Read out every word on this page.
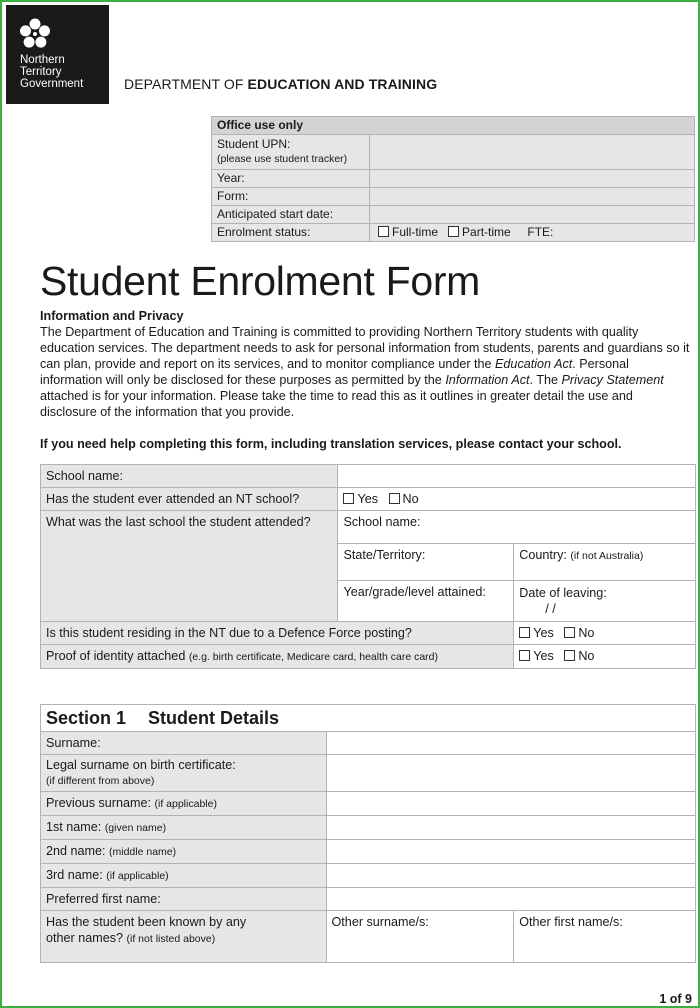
Northern
Territory
Government	DEPARTMENT OF EDUCATION AND TRAINING
Office use only	

Student UPN:
(please use student tracker)	

Year:	
Form:	
Anticipated start date:	
Enrolment status:	Full-time Part-time FTE:
Student Enrolment Form
Information and Privacy
The Department of Education and Training is committed to providing Northern Territory students with quality education services. The department needs to ask for personal information from students, parents and guardians so it can plan, provide and report on its services, and to monitor compliance under the Education Act. Personal information will only be disclosed for these purposes as permitted by the Information Act. The Privacy Statement attached is for your information. Please take the time to read this as it outlines in greater detail the use and disclosure of the information that you provide.
If you need help completing this form, including translation services, please contact your school.
School name:		
Has the student ever attended an NT school?	Yes No	
What was the last school the student attended?	School name:	
	State/Territory:	Country: (if not Australia)
	Year/grade/level attained:	Date of leaving:
/ /

Is this student residing in the NT due to a Defence Force posting?		Yes No
Proof of identity attached (e.g. birth certificate, Medicare card, health care card)		Yes No
Section 1 Student Details		
Surname:		

Legal surname on birth certificate:
(if different from above)		

Previous surname: (if applicable)		
1st name: (given name)		
2nd name: (middle name)		
3rd name: (if applicable)		
Preferred first name:		

Has the student been known by any
other names? (if not listed above)	Other surname/s:	Other first name/s:
1 of 9
